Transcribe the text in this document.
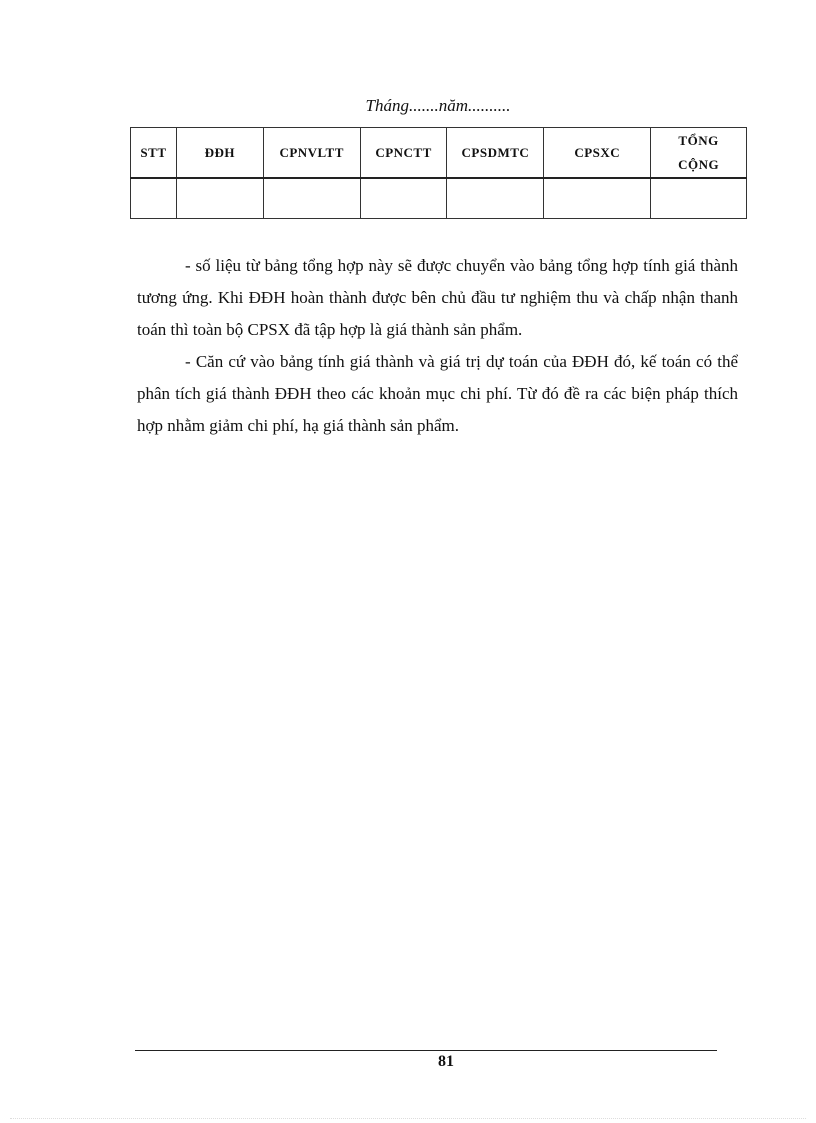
Tháng.......năm..........
STT	ĐĐH	CPNVLTT	CPNCTT	CPSDMTC	CPSXC	TỔNG
CỘNG

- số liệu từ bảng tổng hợp này sẽ được chuyển vào bảng tổng hợp tính giá thành tương ứng. Khi ĐĐH hoàn thành được bên chủ đầu tư nghiệm thu và chấp nhận thanh toán thì toàn bộ CPSX đã tập hợp là giá thành sản phẩm.

- Căn cứ vào bảng tính giá thành và giá trị dự toán của ĐĐH đó, kế toán có thể phân tích giá thành ĐĐH theo các khoản mục chi phí. Từ đó đề ra các biện pháp thích hợp nhằm giảm chi phí, hạ giá thành sản phẩm.

81
